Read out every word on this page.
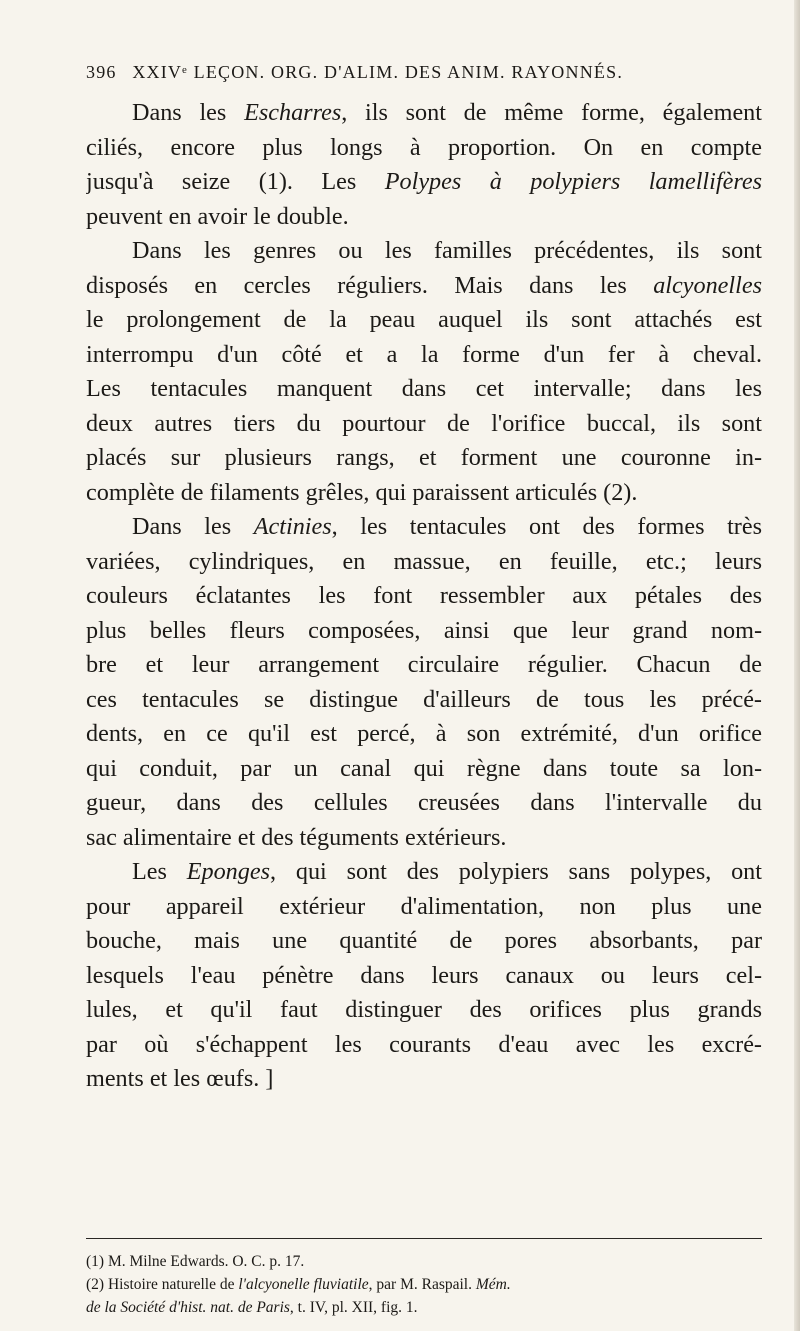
396 XXIVᵉ LEÇON. ORG. D'ALIM. DES ANIM. RAYONNÉS.
Dans les Escharres, ils sont de même forme, également
ciliés, encore plus longs à proportion. On en compte
jusqu'à seize (1). Les Polypes à polypiers lamellifères
peuvent en avoir le double.
Dans les genres ou les familles précédentes, ils sont
disposés en cercles réguliers. Mais dans les alcyonelles
le prolongement de la peau auquel ils sont attachés est
interrompu d'un côté et a la forme d'un fer à cheval.
Les tentacules manquent dans cet intervalle; dans les
deux autres tiers du pourtour de l'orifice buccal, ils sont
placés sur plusieurs rangs, et forment une couronne in-
complète de filaments grêles, qui paraissent articulés (2).
Dans les Actinies, les tentacules ont des formes très
variées, cylindriques, en massue, en feuille, etc.; leurs
couleurs éclatantes les font ressembler aux pétales des
plus belles fleurs composées, ainsi que leur grand nom-
bre et leur arrangement circulaire régulier. Chacun de
ces tentacules se distingue d'ailleurs de tous les précé-
dents, en ce qu'il est percé, à son extrémité, d'un orifice
qui conduit, par un canal qui règne dans toute sa lon-
gueur, dans des cellules creusées dans l'intervalle du
sac alimentaire et des téguments extérieurs.
Les Eponges, qui sont des polypiers sans polypes, ont
pour appareil extérieur d'alimentation, non plus une
bouche, mais une quantité de pores absorbants, par
lesquels l'eau pénètre dans leurs canaux ou leurs cel-
lules, et qu'il faut distinguer des orifices plus grands
par où s'échappent les courants d'eau avec les excré-
ments et les œufs. ]
(1) M. Milne Edwards. O. C. p. 17.
(2) Histoire naturelle de l'alcyonelle fluviatile, par M. Raspail. Mém.
de la Société d'hist. nat. de Paris, t. IV, pl. XII, fig. 1.
